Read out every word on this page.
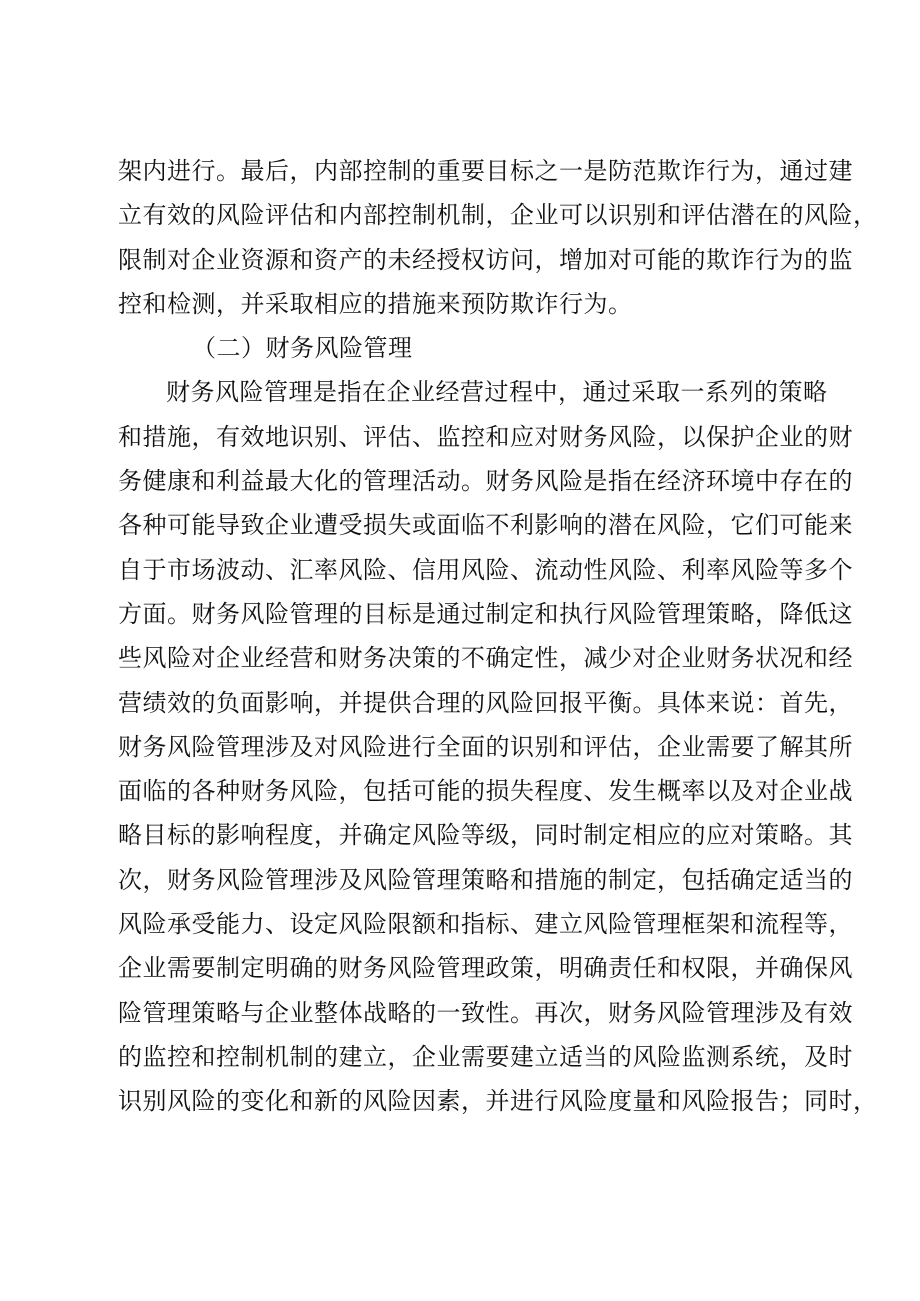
架内进行。最后，内部控制的重要目标之一是防范欺诈行为，通过建
立有效的风险评估和内部控制机制，企业可以识别和评估潜在的风险，
限制对企业资源和资产的未经授权访问，增加对可能的欺诈行为的监
控和检测，并采取相应的措施来预防欺诈行为。
（二）财务风险管理
财务风险管理是指在企业经营过程中，通过采取一系列的策略
和措施，有效地识别、评估、监控和应对财务风险，以保护企业的财
务健康和利益最大化的管理活动。财务风险是指在经济环境中存在的
各种可能导致企业遭受损失或面临不利影响的潜在风险，它们可能来
自于市场波动、汇率风险、信用风险、流动性风险、利率风险等多个
方面。财务风险管理的目标是通过制定和执行风险管理策略，降低这
些风险对企业经营和财务决策的不确定性，减少对企业财务状况和经
营绩效的负面影响，并提供合理的风险回报平衡。具体来说：首先，
财务风险管理涉及对风险进行全面的识别和评估，企业需要了解其所
面临的各种财务风险，包括可能的损失程度、发生概率以及对企业战
略目标的影响程度，并确定风险等级，同时制定相应的应对策略。其
次，财务风险管理涉及风险管理策略和措施的制定，包括确定适当的
风险承受能力、设定风险限额和指标、建立风险管理框架和流程等，
企业需要制定明确的财务风险管理政策，明确责任和权限，并确保风
险管理策略与企业整体战略的一致性。再次，财务风险管理涉及有效
的监控和控制机制的建立，企业需要建立适当的风险监测系统，及时
识别风险的变化和新的风险因素，并进行风险度量和风险报告；同时，
